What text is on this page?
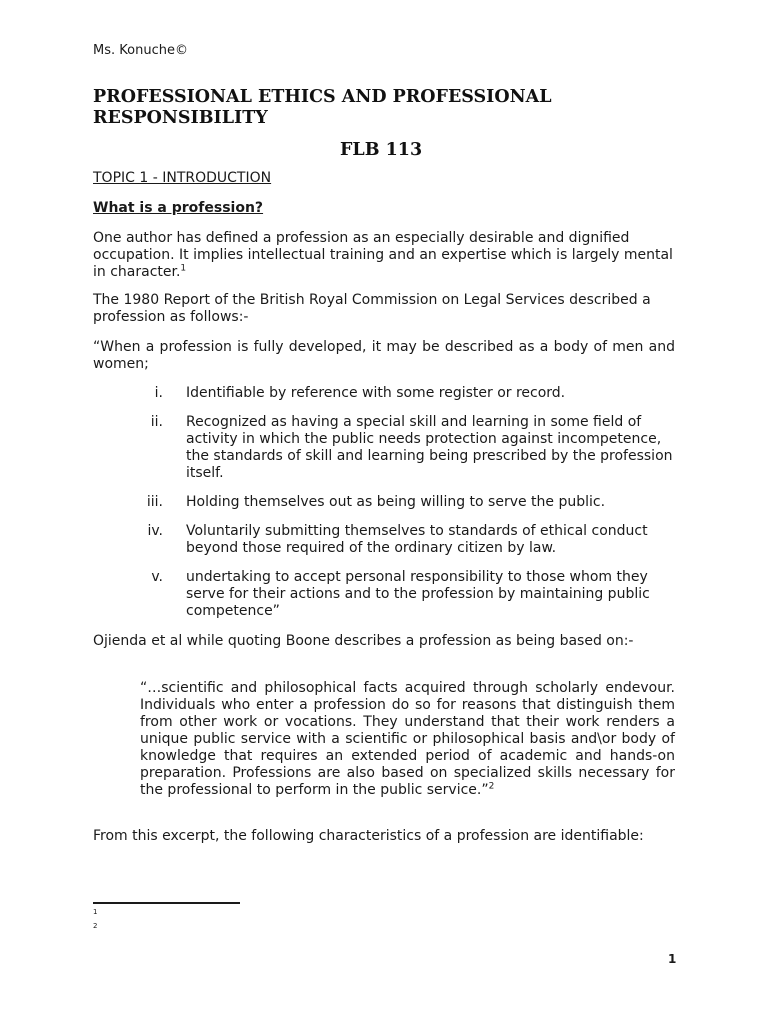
Ms. Konuche©
PROFESSIONAL ETHICS AND PROFESSIONAL RESPONSIBILITY
FLB 113
TOPIC 1 - INTRODUCTION
What is a profession?
One author has defined a profession as an especially desirable and dignified occupation. It implies intellectual training and an expertise which is largely mental in character.$^1$
The 1980 Report of the British Royal Commission on Legal Services described a profession as follows:-
“When a profession is fully developed, it may be described as a body of men and women;
i.	Identifiable by reference with some register or record.
ii.	Recognized as having a special skill and learning in some field of activity in which the public needs protection against incompetence, the standards of skill and learning being prescribed by the profession itself.
iii.	Holding themselves out as being willing to serve the public.
iv.	Voluntarily submitting themselves to standards of ethical conduct beyond those required of the ordinary citizen by law.
v.	undertaking to accept personal responsibility to those whom they serve for their actions and to the profession by maintaining public competence”
Ojienda et al while quoting Boone describes a profession as being based on:-
“…scientific and philosophical facts acquired through scholarly endevour. Individuals who enter a profession do so for reasons that distinguish them from other work or vocations. They understand that their work renders a unique public service with a scientific or philosophical basis and\or body of knowledge that requires an extended period of academic and hands-on preparation. Professions are also based on specialized skills necessary for the professional to perform in the public service.”$^2$
From this excerpt, the following characteristics of a profession are identifiable:
1
2
1
